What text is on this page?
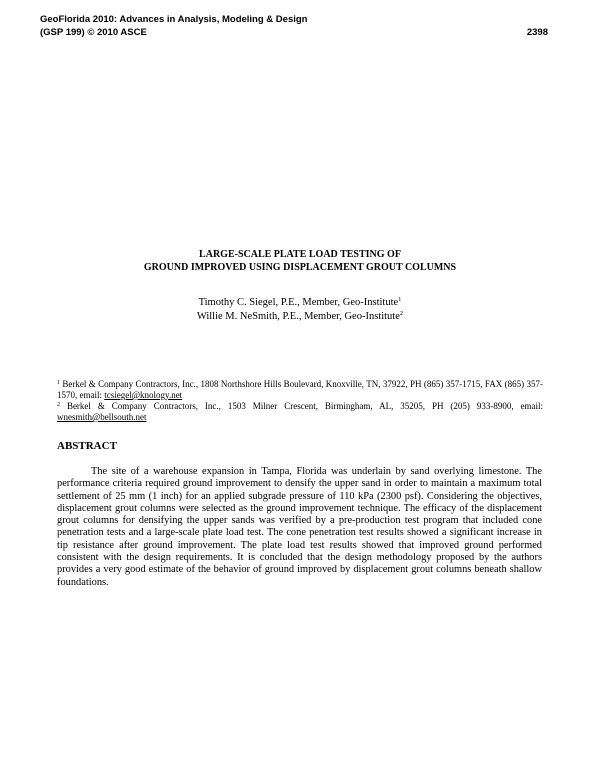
GeoFlorida 2010: Advances in Analysis, Modeling & Design
(GSP 199) © 2010 ASCE	2398
LARGE-SCALE PLATE LOAD TESTING OF
GROUND IMPROVED USING DISPLACEMENT GROUT COLUMNS
Timothy C. Siegel, P.E., Member, Geo-Institute$^1$
Willie M. NeSmith, P.E., Member, Geo-Institute$^2$

$^1$ Berkel & Company Contractors, Inc., 1808 Northshore Hills Boulevard, Knoxville, TN, 37922, PH (865) 357-1715, FAX (865) 357-1570, email: tcsiegel@knology.net

$^2$ Berkel & Company Contractors, Inc., 1503 Milner Crescent, Birmingham, AL, 35205, PH (205) 933-8900, email: wnesmith@bellsouth.net

ABSTRACT

The site of a warehouse expansion in Tampa, Florida was underlain by sand overlying limestone. The performance criteria required ground improvement to densify the upper sand in order to maintain a maximum total settlement of 25 mm (1 inch) for an applied subgrade pressure of 110 kPa (2300 psf). Considering the objectives, displacement grout columns were selected as the ground improvement technique. The efficacy of the displacement grout columns for densifying the upper sands was verified by a pre-production test program that included cone penetration tests and a large-scale plate load test. The cone penetration test results showed a significant increase in tip resistance after ground improvement. The plate load test results showed that improved ground performed consistent with the design requirements. It is concluded that the design methodology proposed by the authors provides a very good estimate of the behavior of ground improved by displacement grout columns beneath shallow foundations.
